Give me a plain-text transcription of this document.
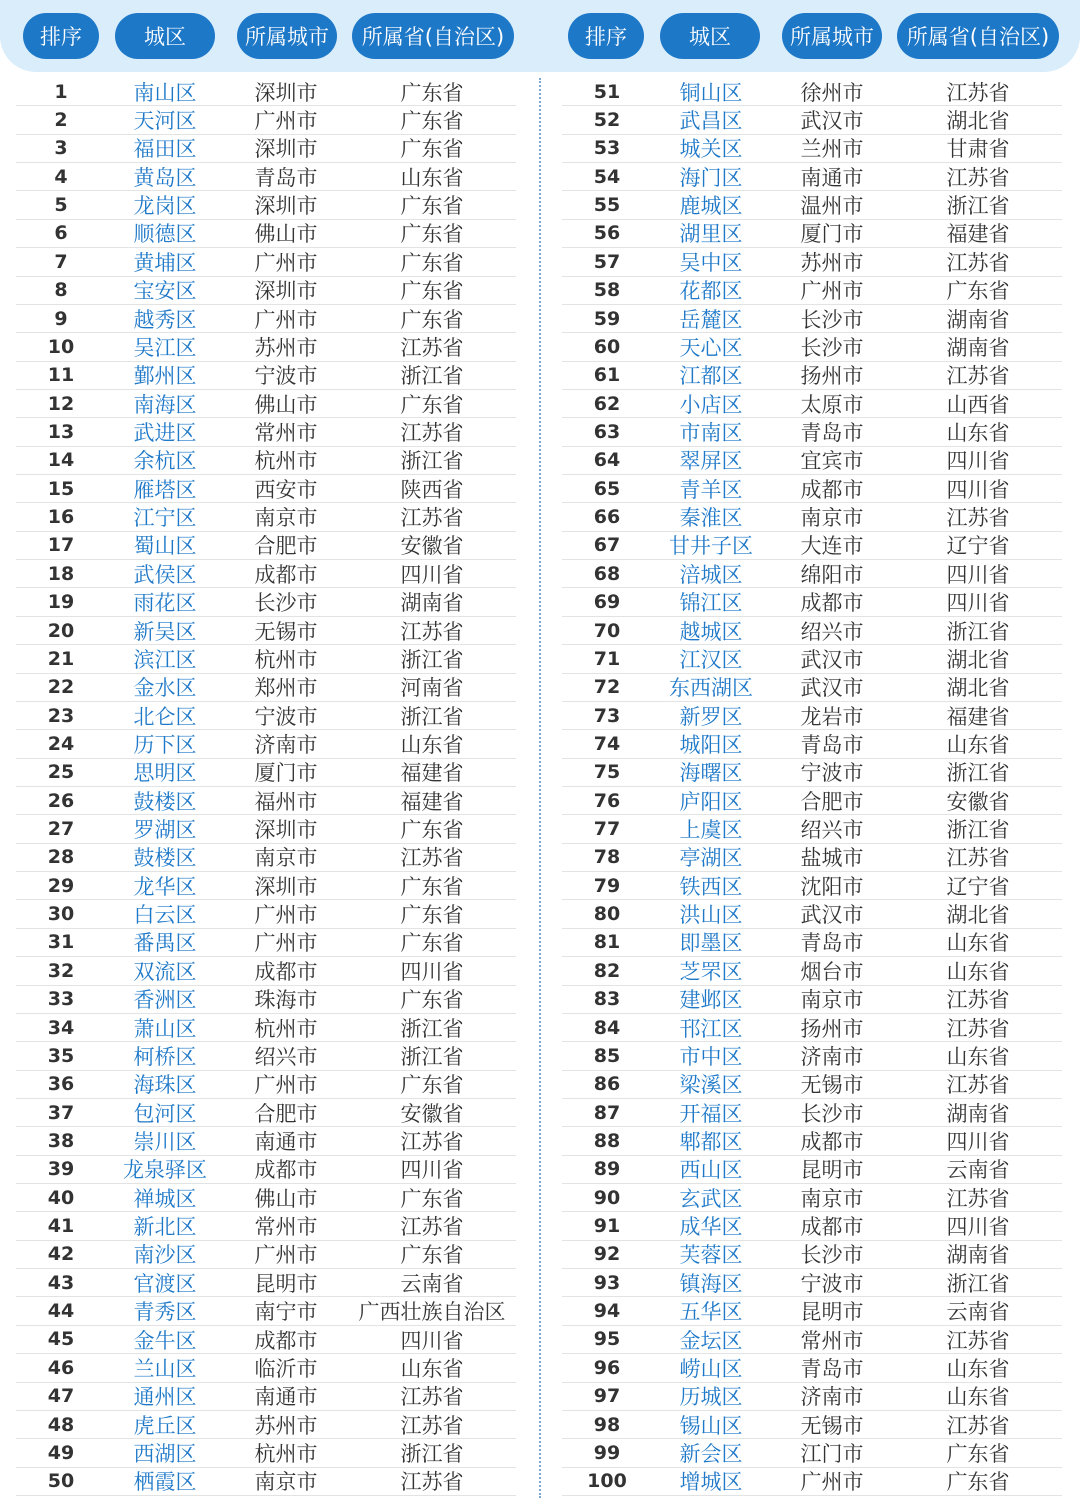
排序	城区	所属城市	所属省(自治区)	排序	城区	所属城市	所属省(自治区)
1	南山区	深圳市	广东省
2	天河区	广州市	广东省
3	福田区	深圳市	广东省
4	黄岛区	青岛市	山东省
5	龙岗区	深圳市	广东省
6	顺德区	佛山市	广东省
7	黄埔区	广州市	广东省
8	宝安区	深圳市	广东省
9	越秀区	广州市	广东省
10	吴江区	苏州市	江苏省
11	鄞州区	宁波市	浙江省
12	南海区	佛山市	广东省
13	武进区	常州市	江苏省
14	余杭区	杭州市	浙江省
15	雁塔区	西安市	陕西省
16	江宁区	南京市	江苏省
17	蜀山区	合肥市	安徽省
18	武侯区	成都市	四川省
19	雨花区	长沙市	湖南省
20	新吴区	无锡市	江苏省
21	滨江区	杭州市	浙江省
22	金水区	郑州市	河南省
23	北仑区	宁波市	浙江省
24	历下区	济南市	山东省
25	思明区	厦门市	福建省
26	鼓楼区	福州市	福建省
27	罗湖区	深圳市	广东省
28	鼓楼区	南京市	江苏省
29	龙华区	深圳市	广东省
30	白云区	广州市	广东省
31	番禺区	广州市	广东省
32	双流区	成都市	四川省
33	香洲区	珠海市	广东省
34	萧山区	杭州市	浙江省
35	柯桥区	绍兴市	浙江省
36	海珠区	广州市	广东省
37	包河区	合肥市	安徽省
38	崇川区	南通市	江苏省
39	龙泉驿区	成都市	四川省
40	禅城区	佛山市	广东省
41	新北区	常州市	江苏省
42	南沙区	广州市	广东省
43	官渡区	昆明市	云南省
44	青秀区	南宁市	广西壮族自治区
45	金牛区	成都市	四川省
46	兰山区	临沂市	山东省
47	通州区	南通市	江苏省
48	虎丘区	苏州市	江苏省
49	西湖区	杭州市	浙江省
50	栖霞区	南京市	江苏省
51	铜山区	徐州市	江苏省
52	武昌区	武汉市	湖北省
53	城关区	兰州市	甘肃省
54	海门区	南通市	江苏省
55	鹿城区	温州市	浙江省
56	湖里区	厦门市	福建省
57	吴中区	苏州市	江苏省
58	花都区	广州市	广东省
59	岳麓区	长沙市	湖南省
60	天心区	长沙市	湖南省
61	江都区	扬州市	江苏省
62	小店区	太原市	山西省
63	市南区	青岛市	山东省
64	翠屏区	宜宾市	四川省
65	青羊区	成都市	四川省
66	秦淮区	南京市	江苏省
67	甘井子区	大连市	辽宁省
68	涪城区	绵阳市	四川省
69	锦江区	成都市	四川省
70	越城区	绍兴市	浙江省
71	江汉区	武汉市	湖北省
72	东西湖区	武汉市	湖北省
73	新罗区	龙岩市	福建省
74	城阳区	青岛市	山东省
75	海曙区	宁波市	浙江省
76	庐阳区	合肥市	安徽省
77	上虞区	绍兴市	浙江省
78	亭湖区	盐城市	江苏省
79	铁西区	沈阳市	辽宁省
80	洪山区	武汉市	湖北省
81	即墨区	青岛市	山东省
82	芝罘区	烟台市	山东省
83	建邺区	南京市	江苏省
84	邗江区	扬州市	江苏省
85	市中区	济南市	山东省
86	梁溪区	无锡市	江苏省
87	开福区	长沙市	湖南省
88	郫都区	成都市	四川省
89	西山区	昆明市	云南省
90	玄武区	南京市	江苏省
91	成华区	成都市	四川省
92	芙蓉区	长沙市	湖南省
93	镇海区	宁波市	浙江省
94	五华区	昆明市	云南省
95	金坛区	常州市	江苏省
96	崂山区	青岛市	山东省
97	历城区	济南市	山东省
98	锡山区	无锡市	江苏省
99	新会区	江门市	广东省
100	增城区	广州市	广东省
